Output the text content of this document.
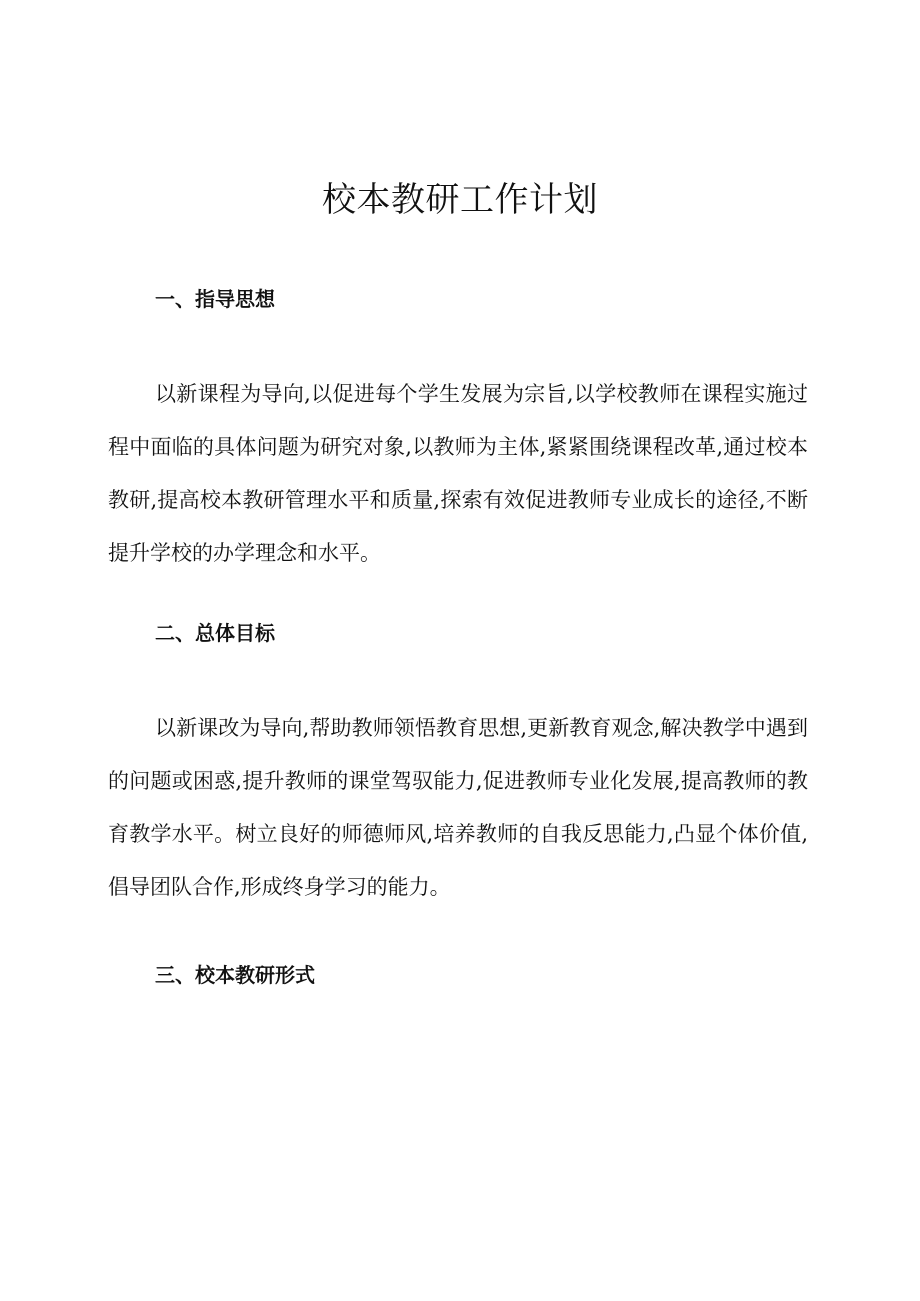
校本教研工作计划
一、指导思想

以新课程为导向,以促进每个学生发展为宗旨,以学校教师在课程实施过程中面临的具体问题为研究对象,以教师为主体,紧紧围绕课程改革,通过校本教研,提高校本教研管理水平和质量,探索有效促进教师专业成长的途径,不断提升学校的办学理念和水平。

二、总体目标

以新课改为导向,帮助教师领悟教育思想,更新教育观念,解决教学中遇到的问题或困惑,提升教师的课堂驾驭能力,促进教师专业化发展,提高教师的教育教学水平。树立良好的师德师风,培养教师的自我反思能力,凸显个体价值,倡导团队合作,形成终身学习的能力。

三、校本教研形式
